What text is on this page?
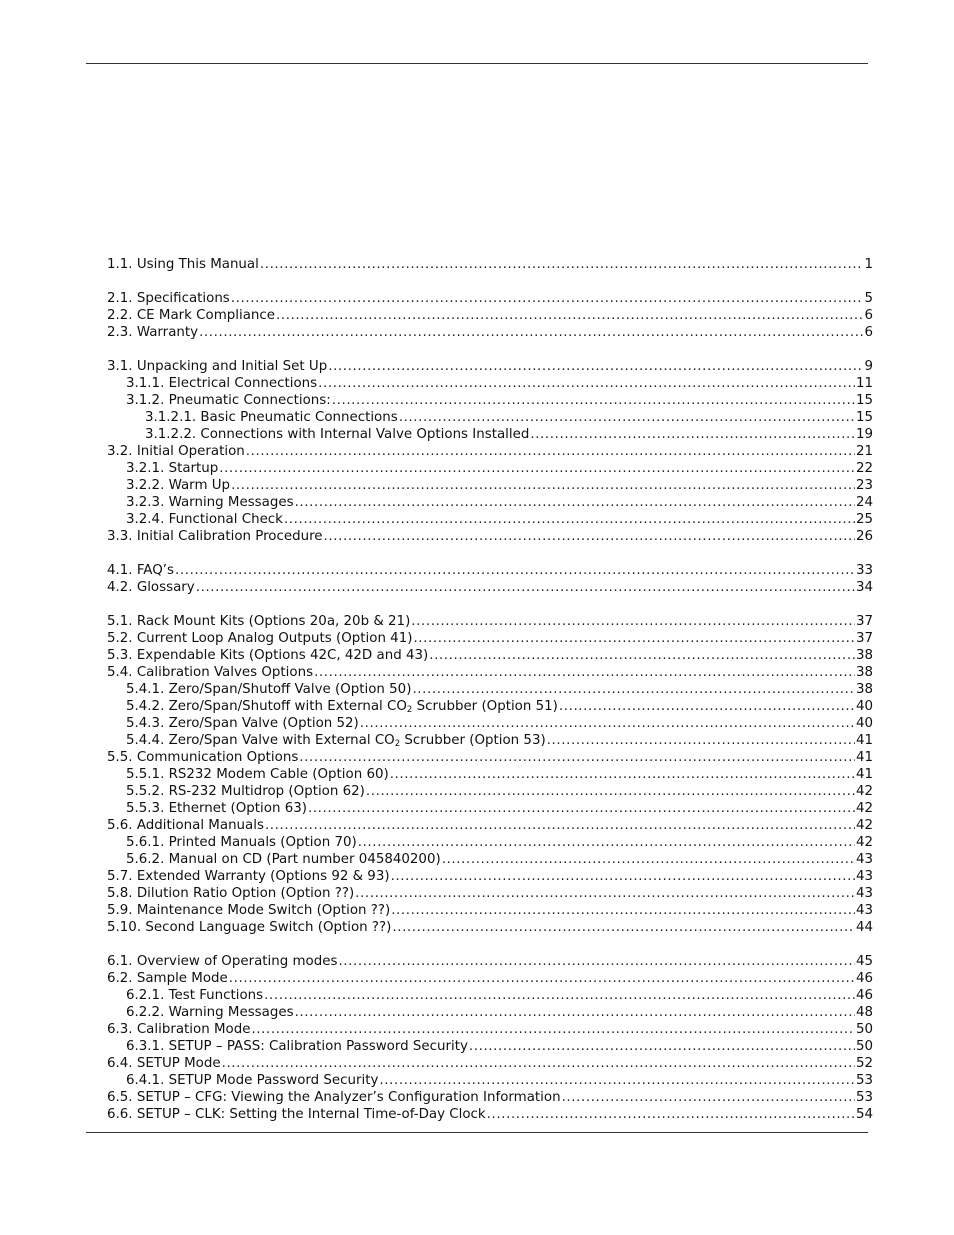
1.1. Using This Manual .....	1
2.1. Specifications .....	5
2.2. CE Mark Compliance .....	6
2.3. Warranty .....	6
3.1. Unpacking and Initial Set Up .....	9
3.1.1. Electrical Connections .....	11
3.1.2. Pneumatic Connections: .....	15
3.1.2.1. Basic Pneumatic Connections .....	15
3.1.2.2. Connections with Internal Valve Options Installed .....	19
3.2. Initial Operation .....	21
3.2.1. Startup .....	22
3.2.2. Warm Up .....	23
3.2.3. Warning Messages .....	24
3.2.4. Functional Check .....	25
3.3. Initial Calibration Procedure .....	26
4.1. FAQ’s .....	33
4.2. Glossary .....	34
5.1. Rack Mount Kits (Options 20a, 20b & 21) .....	37
5.2. Current Loop Analog Outputs (Option 41) .....	37
5.3. Expendable Kits (Options 42C, 42D and 43) .....	38
5.4. Calibration Valves Options .....	38
5.4.1. Zero/Span/Shutoff Valve (Option 50) .....	38
5.4.2. Zero/Span/Shutoff with External $CO_2$ Scrubber (Option 51) .....	40
5.4.3. Zero/Span Valve (Option 52) .....	40
5.4.4. Zero/Span Valve with External $CO_2$ Scrubber (Option 53) .....	41
5.5. Communication Options .....	41
5.5.1. RS232 Modem Cable (Option 60) .....	41
5.5.2. RS-232 Multidrop (Option 62) .....	42
5.5.3. Ethernet (Option 63) .....	42
5.6. Additional Manuals .....	42
5.6.1. Printed Manuals (Option 70) .....	42
5.6.2. Manual on CD (Part number 045840200) .....	43
5.7. Extended Warranty (Options 92 & 93) .....	43
5.8. Dilution Ratio Option (Option ??) .....	43
5.9. Maintenance Mode Switch (Option ??) .....	43
5.10. Second Language Switch (Option ??) .....	44
6.1. Overview of Operating modes .....	45
6.2. Sample Mode .....	46
6.2.1. Test Functions .....	46
6.2.2. Warning Messages .....	48
6.3. Calibration Mode .....	50
6.3.1. SETUP – PASS: Calibration Password Security .....	50
6.4. SETUP Mode .....	52
6.4.1. SETUP Mode Password Security .....	53
6.5. SETUP – CFG: Viewing the Analyzer’s Configuration Information .....	53
6.6. SETUP – CLK: Setting the Internal Time-of-Day Clock .....	54
